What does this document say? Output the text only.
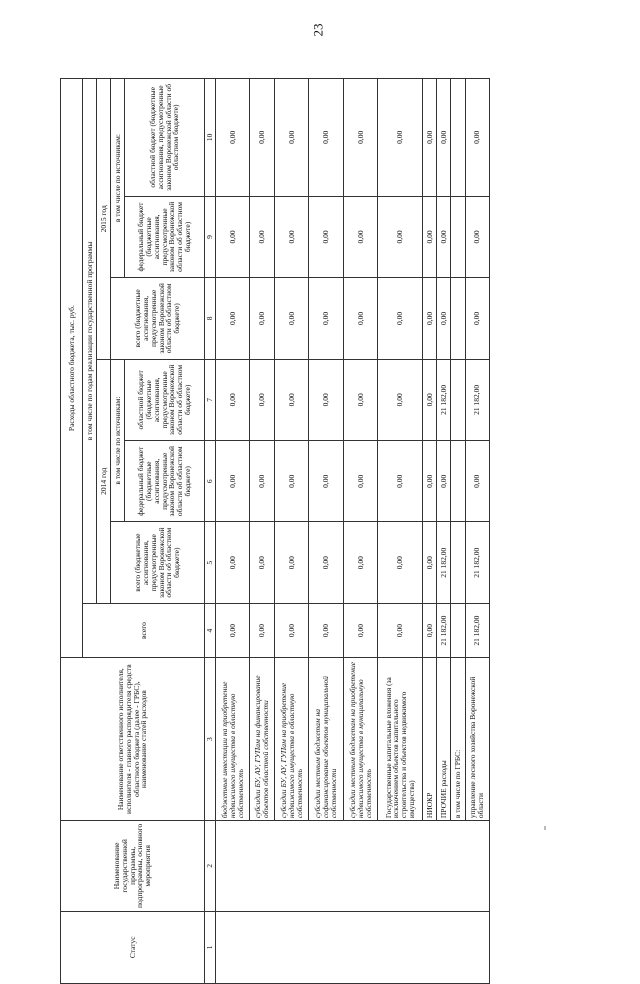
23
Статус	Наименование государственной программы, подпрограммы, основного мероприятия	Наименование ответственного исполнителя, исполнителя - главного распорядителя средств областного бюджета (далее - ГРБС), наименование статей расходов	Расходы областного бюджета, тыс. руб.						
			всего	в том числе по годам реализации государственной программы					
				2014 год			2015 год		
				всего (бюджетные ассигнования, предусмотренные законом Воронежской области об областном бюджете)	в том числе по источникам:		всего (бюджетные ассигнования, предусмотренные законом Воронежской области об областном бюджете)	в том числе по источникам:	
					федеральный бюджет (бюджетные ассигнования, предусмотренные законом Воронежской области об областном бюджете)	областной бюджет (бюджетные ассигнования, предусмотренные законом Воронежской области об областном бюджете)		федеральный бюджет (бюджетные ассигнования, предусмотренные законом Воронежской области об областном бюджете)	областной бюджет (бюджетные ассигнования, предусмотренные законом Воронежской области об областном бюджете)
1	2	3	4	5	6	7	8	9	10
		бюджетные инвестиции на приобретение недвижимого имущества в областную собственность	0,00	0,00	0,00	0,00	0,00	0,00	0,00
		субсидии БУ, АУ, ГУПам на финансирование объектов областной собственности	0,00	0,00	0,00	0,00	0,00	0,00	0,00
		субсидии БУ, АУ, ГУПам на приобретение недвижимого имущества в областную собственность	0,00	0,00	0,00	0,00	0,00	0,00	0,00
		субсидии местным бюджетам на софинансирование объектов муниципальной собственности	0,00	0,00	0,00	0,00	0,00	0,00	0,00
		субсидии местным бюджетам на приобретение недвижимого имущества в муниципальную собственность	0,00	0,00	0,00	0,00	0,00	0,00	0,00
		Государственные капитальные вложения (за исключением объектов капитального строительства и объектов недвижимого имущества)	0,00	0,00	0,00	0,00	0,00	0,00	0,00
		НИОКР	0,00	0,00	0,00	0,00	0,00	0,00	0,00
		ПРОЧИЕ расходы	21 182,00	21 182,00	0,00	21 182,00	0,00	0,00	0,00
		в том числе по ГРБС:							
		управление лесного хозяйства Воронежской области	21 182,00	21 182,00	0,00	21 182,00	0,00	0,00	0,00
